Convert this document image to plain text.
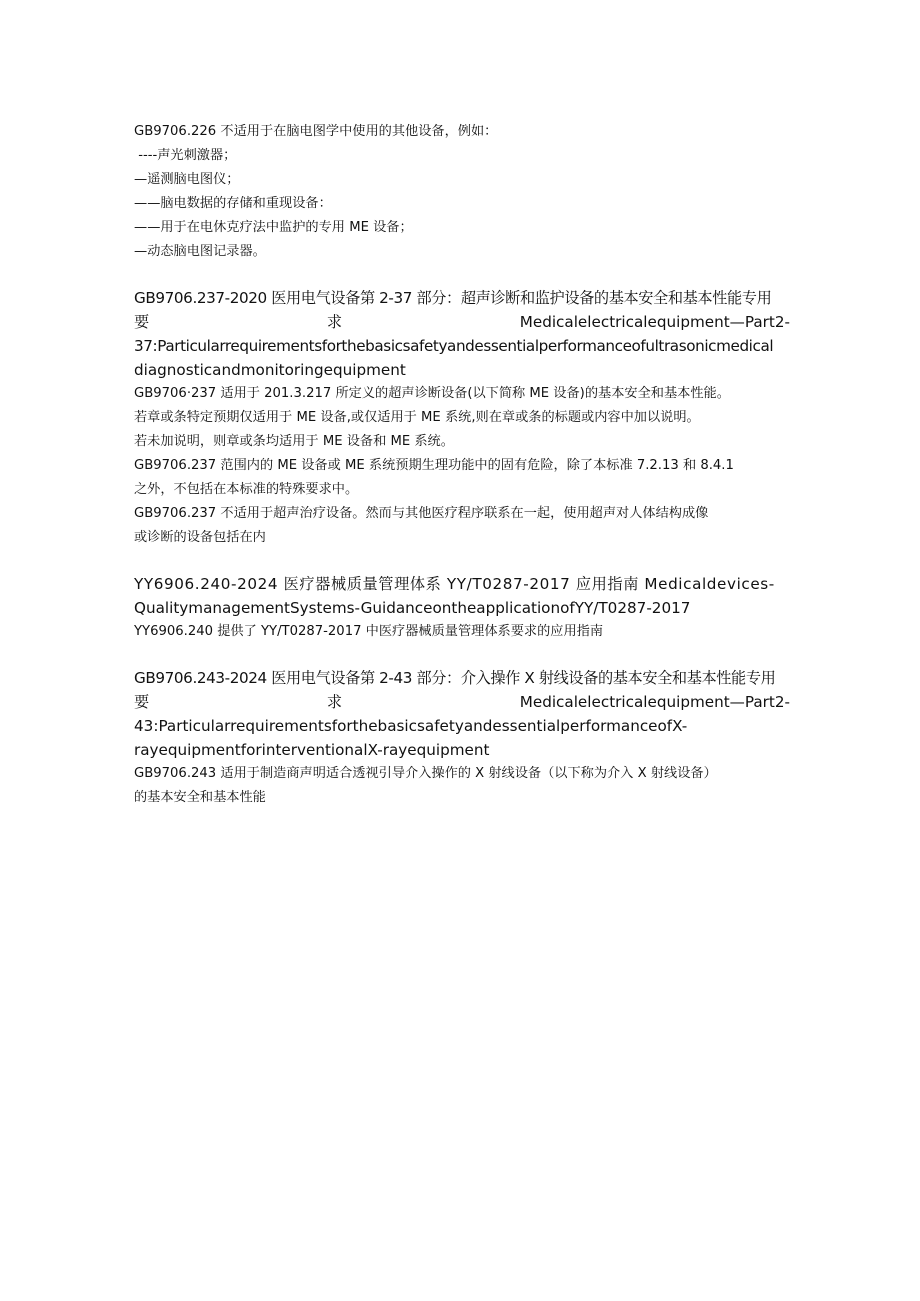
GB9706.226 不适用于在脑电图学中使用的其他设备，例如：
----声光刺激器；
—遥测脑电图仪；
——脑电数据的存储和重现设备：
——用于在电休克疗法中监护的专用 ME 设备；
—动态脑电图记录器。
GB9706.237-2020 医用电气设备第 2-37 部分：超声诊断和监护设备的基本安全和基本性能专用
要	求	Medicalelectricalequipment—Part2-
37:Particularrequirementsforthebasicsafetyandessentialperformanceofultrasonicmedical
diagnosticandmonitoringequipment
GB9706·237 适用于 201.3.217 所定义的超声诊断设备(以下简称 ME 设备)的基本安全和基本性能。
若章或条特定预期仅适用于 ME 设备,或仅适用于 ME 系统,则在章或条的标题或内容中加以说明。
若未加说明，则章或条均适用于 ME 设备和 ME 系统。
GB9706.237 范围内的 ME 设备或 ME 系统预期生理功能中的固有危险，除了本标准 7.2.13 和 8.4.1
之外，不包括在本标准的特殊要求中。
GB9706.237 不适用于超声治疗设备。然而与其他医疗程序联系在一起，使用超声对人体结构成像
或诊断的设备包括在内
YY6906.240-2024 医疗器械质量管理体系 YY/T0287-2017 应用指南 Medicaldevices-
QualitymanagementSystems-GuidanceontheapplicationofYY/T0287-2017
YY6906.240 提供了 YY/T0287-2017 中医疗器械质量管理体系要求的应用指南
GB9706.243-2024 医用电气设备第 2-43 部分：介入操作 X 射线设备的基本安全和基本性能专用
要	求	Medicalelectricalequipment—Part2-
43:ParticularrequirementsforthebasicsafetyandessentialperformanceofX-
rayequipmentforinterventionalX-rayequipment
GB9706.243 适用于制造商声明适合透视引导介入操作的 X 射线设备（以下称为介入 X 射线设备）
的基本安全和基本性能
